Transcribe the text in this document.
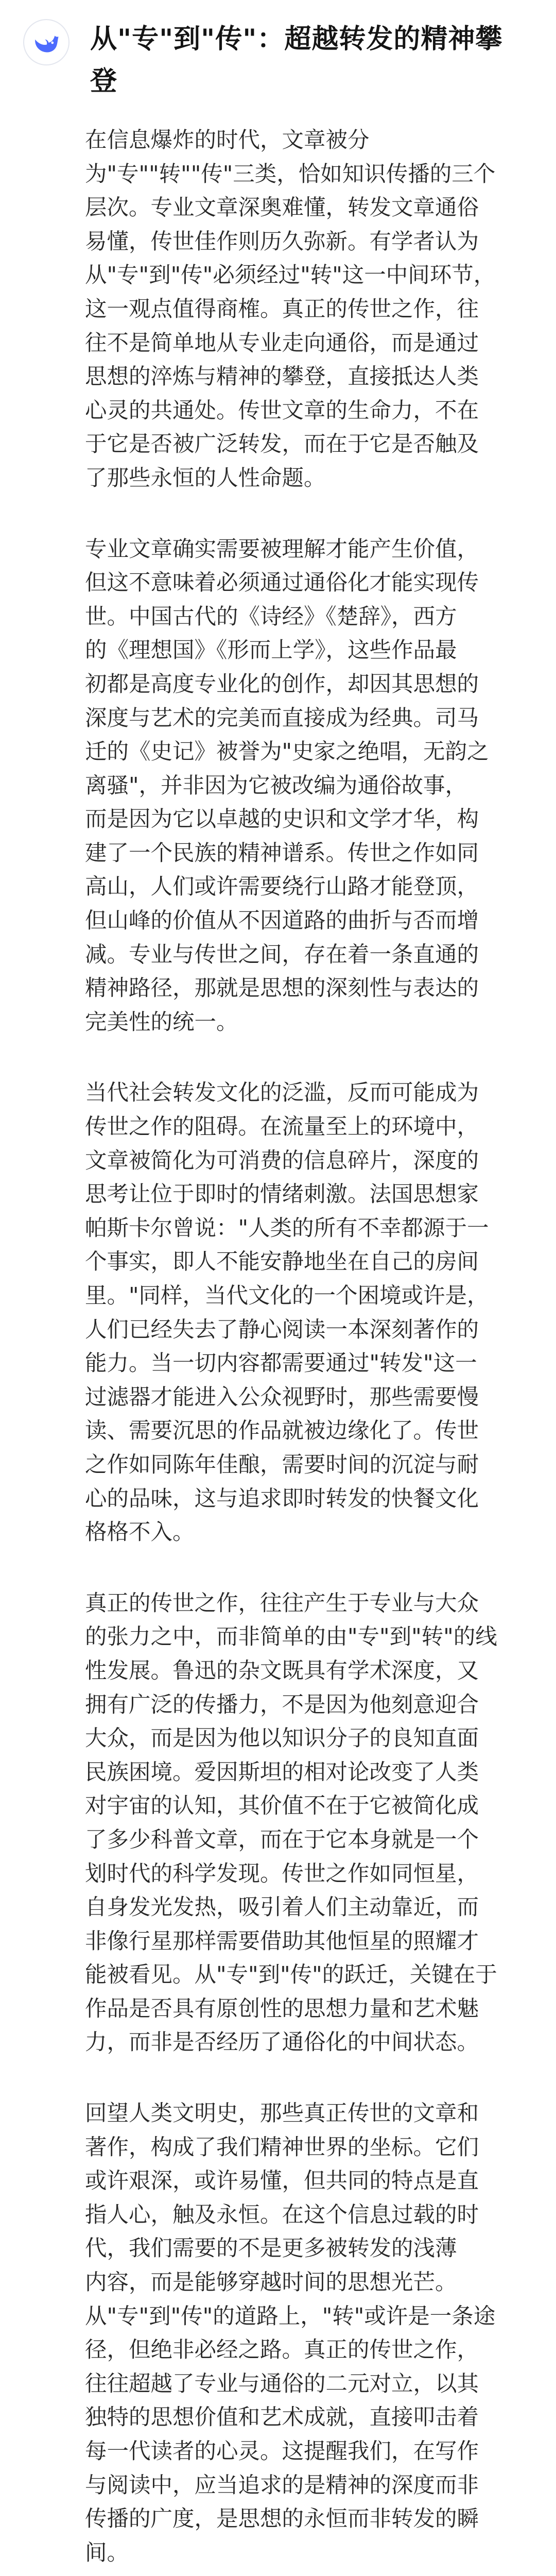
从"专"到"传"：超越转发的精神攀
登

在信息爆炸的时代，文章被分
为"专""转""传"三类，恰如知识传播的三个
层次。专业文章深奥难懂，转发文章通俗
易懂，传世佳作则历久弥新。有学者认为
从"专"到"传"必须经过"转"这一中间环节，
这一观点值得商榷。真正的传世之作，往
往不是简单地从专业走向通俗，而是通过
思想的淬炼与精神的攀登，直接抵达人类
心灵的共通处。传世文章的生命力，不在
于它是否被广泛转发，而在于它是否触及
了那些永恒的人性命题。

专业文章确实需要被理解才能产生价值，
但这不意味着必须通过通俗化才能实现传
世。中国古代的《诗经》《楚辞》，西方
的《理想国》《形而上学》，这些作品最
初都是高度专业化的创作，却因其思想的
深度与艺术的完美而直接成为经典。司马
迁的《史记》被誉为"史家之绝唱，无韵之
离骚"，并非因为它被改编为通俗故事，
而是因为它以卓越的史识和文学才华，构
建了一个民族的精神谱系。传世之作如同
高山，人们或许需要绕行山路才能登顶，
但山峰的价值从不因道路的曲折与否而增
减。专业与传世之间，存在着一条直通的
精神路径，那就是思想的深刻性与表达的
完美性的统一。

当代社会转发文化的泛滥，反而可能成为
传世之作的阻碍。在流量至上的环境中，
文章被简化为可消费的信息碎片，深度的
思考让位于即时的情绪刺激。法国思想家
帕斯卡尔曾说："人类的所有不幸都源于一
个事实，即人不能安静地坐在自己的房间
里。"同样，当代文化的一个困境或许是，
人们已经失去了静心阅读一本深刻著作的
能力。当一切内容都需要通过"转发"这一
过滤器才能进入公众视野时，那些需要慢
读、需要沉思的作品就被边缘化了。传世
之作如同陈年佳酿，需要时间的沉淀与耐
心的品味，这与追求即时转发的快餐文化
格格不入。

真正的传世之作，往往产生于专业与大众
的张力之中，而非简单的由"专"到"转"的线
性发展。鲁迅的杂文既具有学术深度，又
拥有广泛的传播力，不是因为他刻意迎合
大众，而是因为他以知识分子的良知直面
民族困境。爱因斯坦的相对论改变了人类
对宇宙的认知，其价值不在于它被简化成
了多少科普文章，而在于它本身就是一个
划时代的科学发现。传世之作如同恒星，
自身发光发热，吸引着人们主动靠近，而
非像行星那样需要借助其他恒星的照耀才
能被看见。从"专"到"传"的跃迁，关键在于
作品是否具有原创性的思想力量和艺术魅
力，而非是否经历了通俗化的中间状态。

回望人类文明史，那些真正传世的文章和
著作，构成了我们精神世界的坐标。它们
或许艰深，或许易懂，但共同的特点是直
指人心，触及永恒。在这个信息过载的时
代，我们需要的不是更多被转发的浅薄
内容，而是能够穿越时间的思想光芒。
从"专"到"传"的道路上，"转"或许是一条途
径，但绝非必经之路。真正的传世之作，
往往超越了专业与通俗的二元对立，以其
独特的思想价值和艺术成就，直接叩击着
每一代读者的心灵。这提醒我们，在写作
与阅读中，应当追求的是精神的深度而非
传播的广度，是思想的永恒而非转发的瞬
间。
